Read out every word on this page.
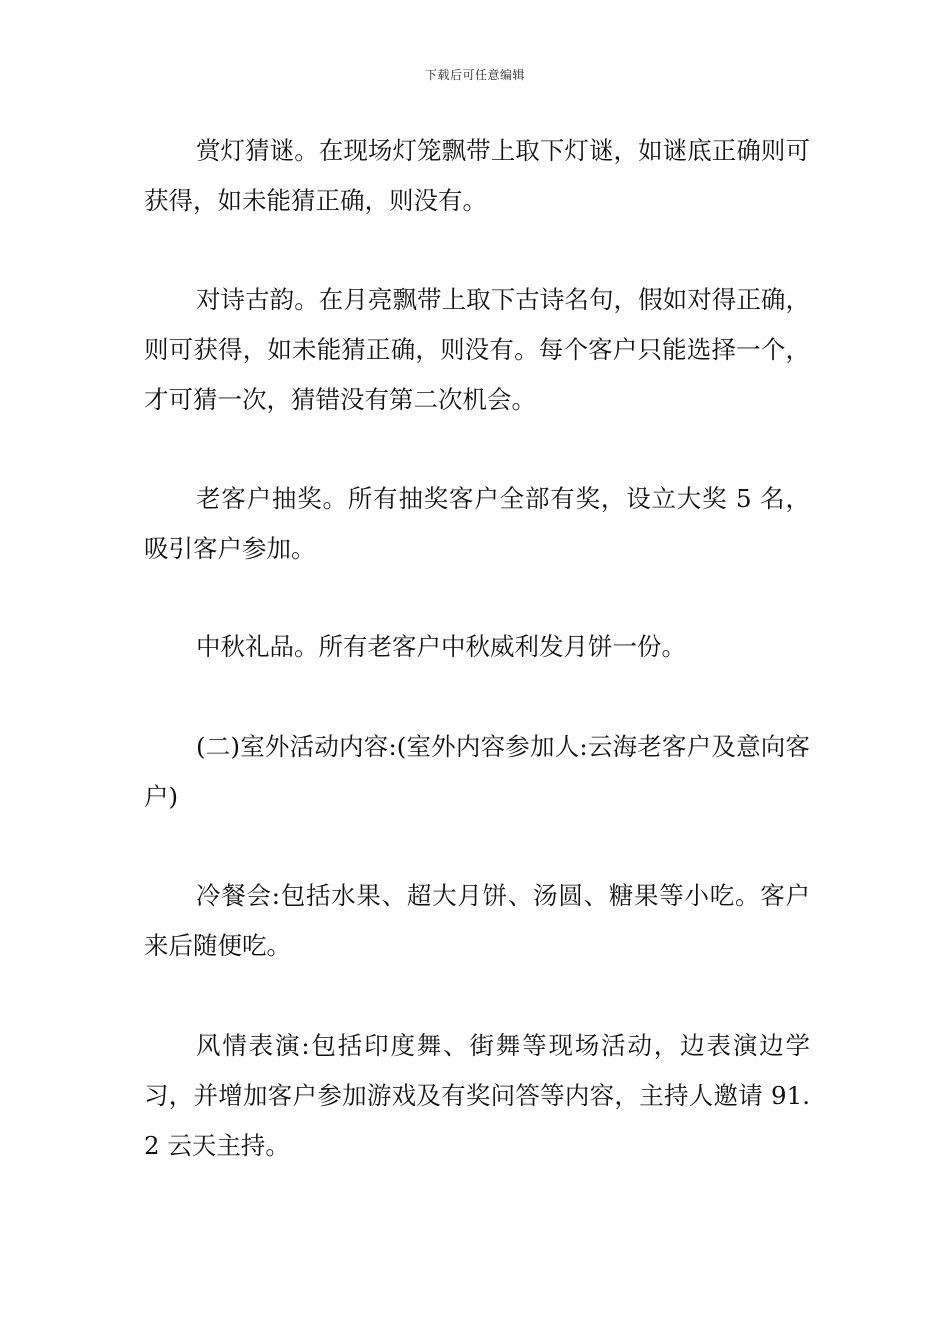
下载后可任意编辑

赏灯猜谜。在现场灯笼飘带上取下灯谜，如谜底正确则可获得，如未能猜正确，则没有。

对诗古韵。在月亮飘带上取下古诗名句，假如对得正确，则可获得，如未能猜正确，则没有。每个客户只能选择一个，才可猜一次，猜错没有第二次机会。

老客户抽奖。所有抽奖客户全部有奖，设立大奖 5 名，吸引客户参加。

中秋礼品。所有老客户中秋威利发月饼一份。

(二)室外活动内容:(室外内容参加人:云海老客户及意向客户)

冷餐会:包括水果、超大月饼、汤圆、糖果等小吃。客户来后随便吃。

风情表演:包括印度舞、街舞等现场活动，边表演边学习，并增加客户参加游戏及有奖问答等内容，主持人邀请 91.2 云天主持。
